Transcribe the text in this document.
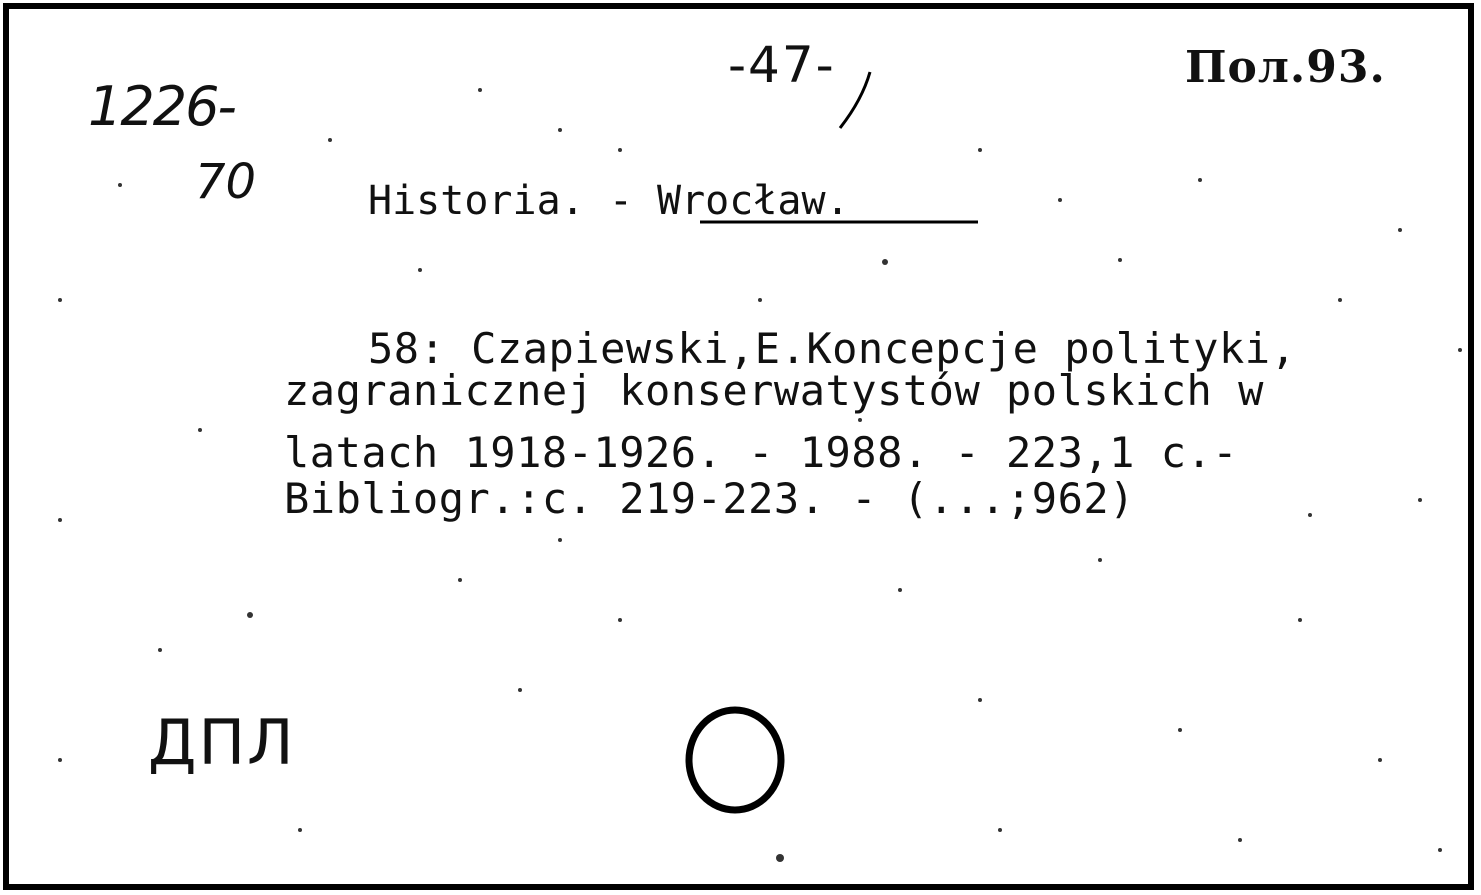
1226-
70
-47-	Пол.93.
Historia. - Wrocław.
58: Czapiewski,E.Koncepcje polityki,
zagranicznej konserwatystów polskich w
latach 1918-1926. - 1988. - 223,1 c.-
Bibliogr.:c. 219-223. - (...;962)
ДПЛ
